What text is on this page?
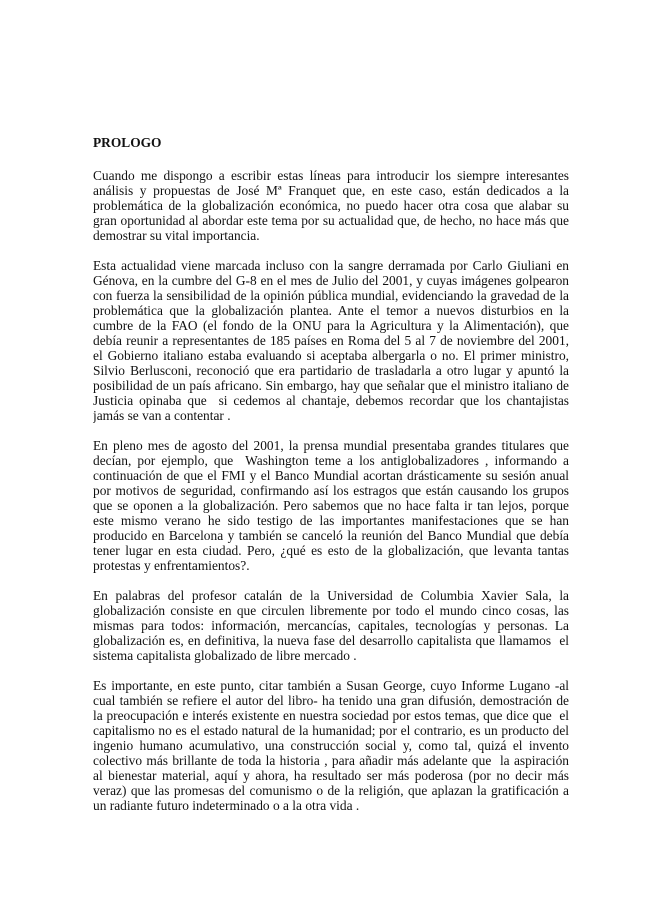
PROLOGO
Cuando me dispongo a escribir estas líneas para introducir los siempre interesantes
análisis y propuestas de José Mª Franquet que, en este caso, están dedicados a la
problemática de la globalización económica, no puedo hacer otra cosa que alabar su
gran oportunidad al abordar este tema por su actualidad que, de hecho, no hace más que
demostrar su vital importancia.
Esta actualidad viene marcada incluso con la sangre derramada por Carlo Giuliani en
Génova, en la cumbre del G-8 en el mes de Julio del 2001, y cuyas imágenes golpearon
con fuerza la sensibilidad de la opinión pública mundial, evidenciando la gravedad de la
problemática que la globalización plantea. Ante el temor a nuevos disturbios en la
cumbre de la FAO (el fondo de la ONU para la Agricultura y la Alimentación), que
debía reunir a representantes de 185 países en Roma del 5 al 7 de noviembre del 2001,
el Gobierno italiano estaba evaluando si aceptaba albergarla o no. El primer ministro,
Silvio Berlusconi, reconoció que era partidario de trasladarla a otro lugar y apuntó la
posibilidad de un país africano. Sin embargo, hay que señalar que el ministro italiano de
Justicia opinaba que  si cedemos al chantaje, debemos recordar que los chantajistas
jamás se van a contentar .
En pleno mes de agosto del 2001, la prensa mundial presentaba grandes titulares que
decían, por ejemplo, que  Washington teme a los antiglobalizadores , informando a
continuación de que el FMI y el Banco Mundial acortan drásticamente su sesión anual
por motivos de seguridad, confirmando así los estragos que están causando los grupos
que se oponen a la globalización. Pero sabemos que no hace falta ir tan lejos, porque
este mismo verano he sido testigo de las importantes manifestaciones que se han
producido en Barcelona y también se canceló la reunión del Banco Mundial que debía
tener lugar en esta ciudad. Pero, ¿qué es esto de la globalización, que levanta tantas
protestas y enfrentamientos?.
En palabras del profesor catalán de la Universidad de Columbia Xavier Sala, la
globalización consiste en que circulen libremente por todo el mundo cinco cosas, las
mismas para todos: información, mercancías, capitales, tecnologías y personas. La
globalización es, en definitiva, la nueva fase del desarrollo capitalista que llamamos  el
sistema capitalista globalizado de libre mercado .
Es importante, en este punto, citar también a Susan George, cuyo Informe Lugano -al
cual también se refiere el autor del libro- ha tenido una gran difusión, demostración de
la preocupación e interés existente en nuestra sociedad por estos temas, que dice que  el
capitalismo no es el estado natural de la humanidad; por el contrario, es un producto del
ingenio humano acumulativo, una construcción social y, como tal, quizá el invento
colectivo más brillante de toda la historia , para añadir más adelante que  la aspiración
al bienestar material, aquí y ahora, ha resultado ser más poderosa (por no decir más
veraz) que las promesas del comunismo o de la religión, que aplazan la gratificación a
un radiante futuro indeterminado o a la otra vida .
